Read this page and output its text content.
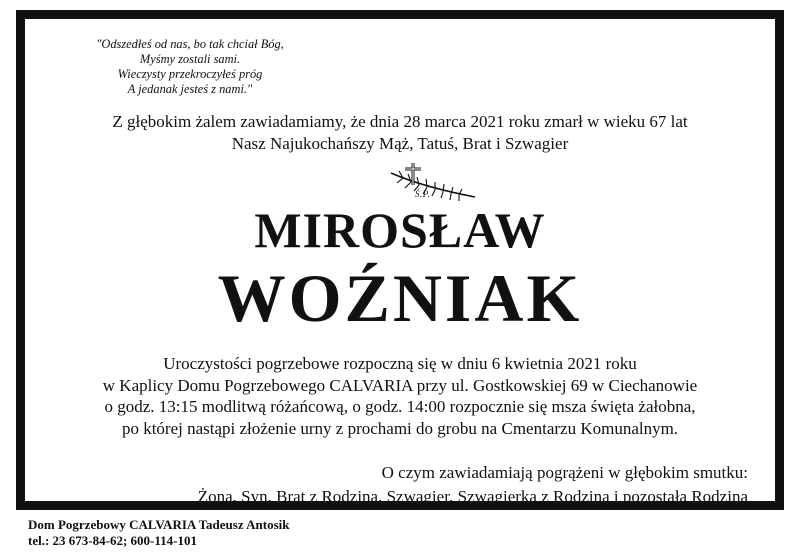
"Odszedłeś od nas, bo tak chciał Bóg,
Myśmy zostali sami.
Wieczysty przekroczyłeś próg
A jedanak jesteś z nami."
Z głębokim żalem zawiadamiamy, że dnia 28 marca 2021 roku zmarł w wieku 67 lat
Nasz Najukochańszy Mąż, Tatuś, Brat i Szwagier
Ś.P.
MIROSŁAW
WOŹNIAK
Uroczystości pogrzebowe rozpoczną się w dniu 6 kwietnia 2021 roku
w Kaplicy Domu Pogrzebowego CALVARIA przy ul. Gostkowskiej 69 w Ciechanowie
o godz. 13:15 modlitwą różańcową, o godz. 14:00 rozpocznie się msza święta żałobna,
po której nastąpi złożenie urny z prochami do grobu na Cmentarzu Komunalnym.
O czym zawiadamiają pogrążeni w głębokim smutku:
Żona, Syn, Brat z Rodziną, Szwagier, Szwagierka z Rodziną i pozostała Rodzina
Dom Pogrzebowy CALVARIA Tadeusz Antosik
tel.: 23 673-84-62; 600-114-101
